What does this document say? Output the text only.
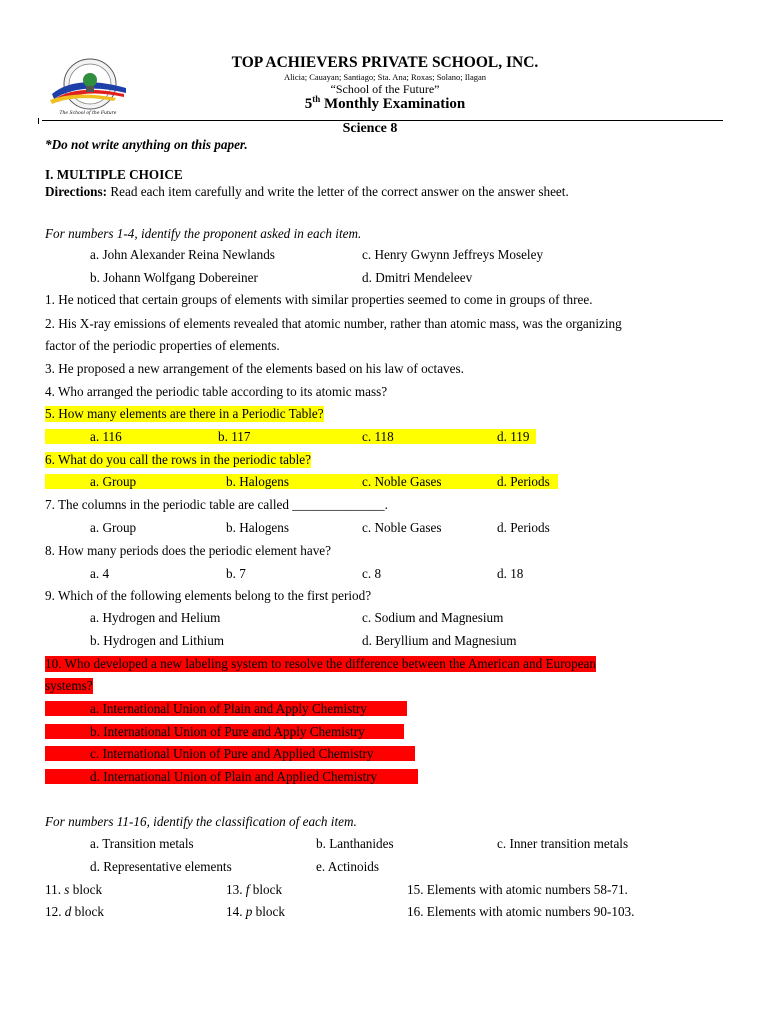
The School of the Future
TOP ACHIEVERS PRIVATE SCHOOL, INC.
Alicia; Cauayan; Santiago; Sta. Ana; Roxas; Solano; Ilagan
“School of the Future”
5th Monthly Examination
Science 8
*Do not write anything on this paper.
I. MULTIPLE CHOICE
Directions: Read each item carefully and write the letter of the correct answer on the answer sheet.
For numbers 1-4, identify the proponent asked in each item.
a. John Alexander Reina Newlands	c. Henry Gwynn Jeffreys Moseley
b. Johann Wolfgang Dobereiner	d. Dmitri Mendeleev
1. He noticed that certain groups of elements with similar properties seemed to come in groups of three.
2. His X-ray emissions of elements revealed that atomic number, rather than atomic mass, was the organizing
factor of the periodic properties of elements.
3. He proposed a new arrangement of the elements based on his law of octaves.
4. Who arranged the periodic table according to its atomic mass?
5. How many elements are there in a Periodic Table?
a. 116	b. 117	c. 118	d. 119
6. What do you call the rows in the periodic table?
a. Group	b. Halogens	c. Noble Gases	d. Periods
7. The columns in the periodic table are called ______________.
a. Group	b. Halogens	c. Noble Gases	d. Periods
8. How many periods does the periodic element have?
a. 4	b. 7	c. 8	d. 18
9. Which of the following elements belong to the first period?
a. Hydrogen and Helium	c. Sodium and Magnesium
b. Hydrogen and Lithium	d. Beryllium and Magnesium
10. Who developed a new labeling system to resolve the difference between the American and European
systems?
a. International Union of Plain and Apply Chemistry
b. International Union of Pure and Apply Chemistry
c. International Union of Pure and Applied Chemistry
d. International Union of Plain and Applied Chemistry
For numbers 11-16, identify the classification of each item.
a. Transition metals	b. Lanthanides	c. Inner transition metals
d. Representative elements	e. Actinoids
11. s block	13. f block	15. Elements with atomic numbers 58-71.
12. d block	14. p block	16. Elements with atomic numbers 90-103.
